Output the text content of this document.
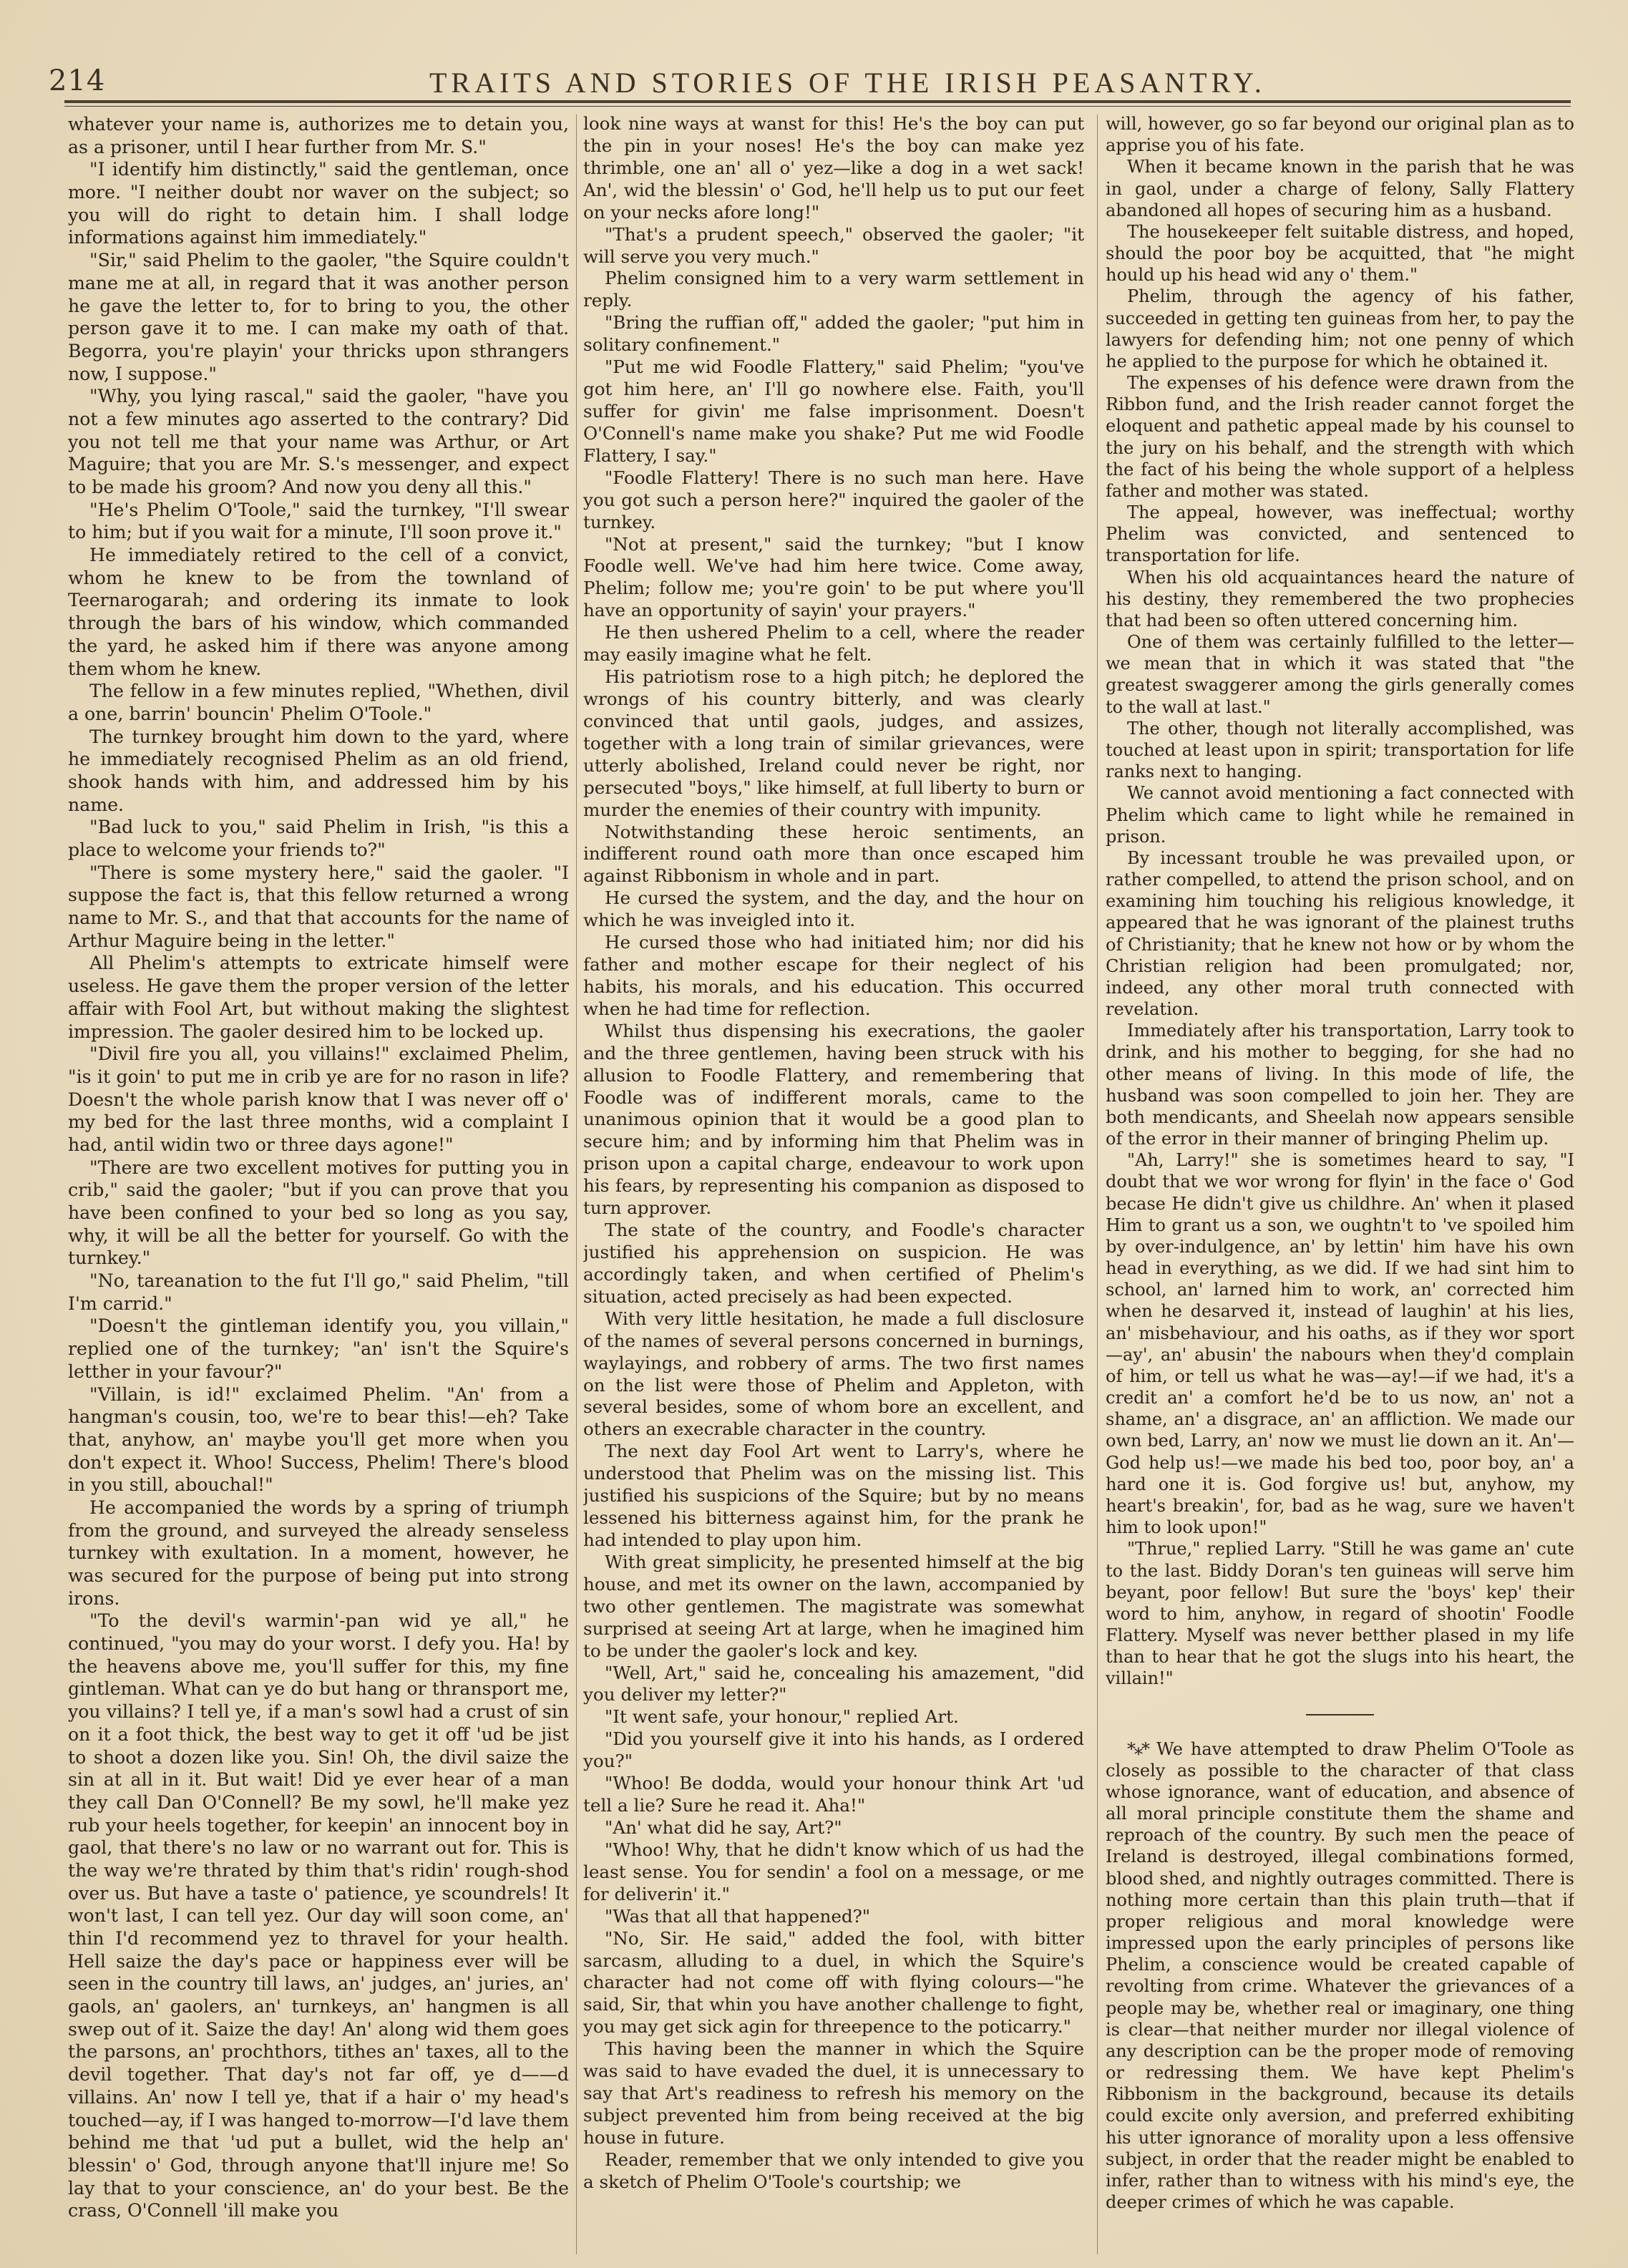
214	TRAITS AND STORIES OF THE IRISH PEASANTRY.

whatever your name is, authorizes me to detain you, as a prisoner, until I hear further from Mr. S."

"I identify him distinctly," said the gentleman, once more. "I neither doubt nor waver on the subject; so you will do right to detain him. I shall lodge informations against him immediately."

"Sir," said Phelim to the gaoler, "the Squire couldn't mane me at all, in regard that it was another person he gave the letter to, for to bring to you, the other person gave it to me. I can make my oath of that. Begorra, you're playin' your thricks upon sthrangers now, I suppose."

"Why, you lying rascal," said the gaoler, "have you not a few minutes ago asserted to the contrary? Did you not tell me that your name was Arthur, or Art Maguire; that you are Mr. S.'s messenger, and expect to be made his groom? And now you deny all this."

"He's Phelim O'Toole," said the turnkey, "I'll swear to him; but if you wait for a minute, I'll soon prove it."

He immediately retired to the cell of a convict, whom he knew to be from the townland of Teernarogarah; and ordering its inmate to look through the bars of his window, which commanded the yard, he asked him if there was anyone among them whom he knew.

The fellow in a few minutes replied, "Whethen, divil a one, barrin' bouncin' Phelim O'Toole."

The turnkey brought him down to the yard, where he immediately recognised Phelim as an old friend, shook hands with him, and addressed him by his name.

"Bad luck to you," said Phelim in Irish, "is this a place to welcome your friends to?"

"There is some mystery here," said the gaoler. "I suppose the fact is, that this fellow returned a wrong name to Mr. S., and that that accounts for the name of Arthur Maguire being in the letter."

All Phelim's attempts to extricate himself were useless. He gave them the proper version of the letter affair with Fool Art, but without making the slightest impression. The gaoler desired him to be locked up.

"Divil fire you all, you villains!" exclaimed Phelim, "is it goin' to put me in crib ye are for no rason in life? Doesn't the whole parish know that I was never off o' my bed for the last three months, wid a complaint I had, antil widin two or three days agone!"

"There are two excellent motives for putting you in crib," said the gaoler; "but if you can prove that you have been confined to your bed so long as you say, why, it will be all the better for yourself. Go with the turnkey."

"No, tareanation to the fut I'll go," said Phelim, "till I'm carrid."

"Doesn't the gintleman identify you, you villain," replied one of the turnkey; "an' isn't the Squire's letther in your favour?"

"Villain, is id!" exclaimed Phelim. "An' from a hangman's cousin, too, we're to bear this!—eh? Take that, anyhow, an' maybe you'll get more when you don't expect it. Whoo! Success, Phelim! There's blood in you still, abouchal!"

He accompanied the words by a spring of triumph from the ground, and surveyed the already senseless turnkey with exultation. In a moment, however, he was secured for the purpose of being put into strong irons.

"To the devil's warmin'-pan wid ye all," he continued, "you may do your worst. I defy you. Ha! by the heavens above me, you'll suffer for this, my fine gintleman. What can ye do but hang or thransport me, you villains? I tell ye, if a man's sowl had a crust of sin on it a foot thick, the best way to get it off 'ud be jist to shoot a dozen like you. Sin! Oh, the divil saize the sin at all in it. But wait! Did ye ever hear of a man they call Dan O'Connell? Be my sowl, he'll make yez rub your heels together, for keepin' an innocent boy in gaol, that there's no law or no warrant out for. This is the way we're thrated by thim that's ridin' rough-shod over us. But have a taste o' patience, ye scoundrels! It won't last, I can tell yez. Our day will soon come, an' thin I'd recommend yez to thravel for your health. Hell saize the day's pace or happiness ever will be seen in the country till laws, an' judges, an' juries, an' gaols, an' gaolers, an' turnkeys, an' hangmen is all swep out of it. Saize the day! An' along wid them goes the parsons, an' prochthors, tithes an' taxes, all to the devil together. That day's not far off, ye d——d villains. An' now I tell ye, that if a hair o' my head's touched—ay, if I was hanged to-morrow—I'd lave them behind me that 'ud put a bullet, wid the help an' blessin' o' God, through anyone that'll injure me! So lay that to your conscience, an' do your best. Be the crass, O'Connell 'ill make you

look nine ways at wanst for this! He's the boy can put the pin in your noses! He's the boy can make yez thrimble, one an' all o' yez—like a dog in a wet sack! An', wid the blessin' o' God, he'll help us to put our feet on your necks afore long!"

"That's a prudent speech," observed the gaoler; "it will serve you very much."

Phelim consigned him to a very warm settlement in reply.

"Bring the ruffian off," added the gaoler; "put him in solitary confinement."

"Put me wid Foodle Flattery," said Phelim; "you've got him here, an' I'll go nowhere else. Faith, you'll suffer for givin' me false imprisonment. Doesn't O'Connell's name make you shake? Put me wid Foodle Flattery, I say."

"Foodle Flattery! There is no such man here. Have you got such a person here?" inquired the gaoler of the turnkey.

"Not at present," said the turnkey; "but I know Foodle well. We've had him here twice. Come away, Phelim; follow me; you're goin' to be put where you'll have an opportunity of sayin' your prayers."

He then ushered Phelim to a cell, where the reader may easily imagine what he felt.

His patriotism rose to a high pitch; he deplored the wrongs of his country bitterly, and was clearly convinced that until gaols, judges, and assizes, together with a long train of similar grievances, were utterly abolished, Ireland could never be right, nor persecuted "boys," like himself, at full liberty to burn or murder the enemies of their country with impunity.

Notwithstanding these heroic sentiments, an indifferent round oath more than once escaped him against Ribbonism in whole and in part.

He cursed the system, and the day, and the hour on which he was inveigled into it.

He cursed those who had initiated him; nor did his father and mother escape for their neglect of his habits, his morals, and his education. This occurred when he had time for reflection.

Whilst thus dispensing his execrations, the gaoler and the three gentlemen, having been struck with his allusion to Foodle Flattery, and remembering that Foodle was of indifferent morals, came to the unanimous opinion that it would be a good plan to secure him; and by informing him that Phelim was in prison upon a capital charge, endeavour to work upon his fears, by representing his companion as disposed to turn approver.

The state of the country, and Foodle's character justified his apprehension on suspicion. He was accordingly taken, and when certified of Phelim's situation, acted precisely as had been expected.

With very little hesitation, he made a full disclosure of the names of several persons concerned in burnings, waylayings, and robbery of arms. The two first names on the list were those of Phelim and Appleton, with several besides, some of whom bore an excellent, and others an execrable character in the country.

The next day Fool Art went to Larry's, where he understood that Phelim was on the missing list. This justified his suspicions of the Squire; but by no means lessened his bitterness against him, for the prank he had intended to play upon him.

With great simplicity, he presented himself at the big house, and met its owner on the lawn, accompanied by two other gentlemen. The magistrate was somewhat surprised at seeing Art at large, when he imagined him to be under the gaoler's lock and key.

"Well, Art," said he, concealing his amazement, "did you deliver my letter?"

"It went safe, your honour," replied Art.

"Did you yourself give it into his hands, as I ordered you?"

"Whoo! Be dodda, would your honour think Art 'ud tell a lie? Sure he read it. Aha!"

"An' what did he say, Art?"

"Whoo! Why, that he didn't know which of us had the least sense. You for sendin' a fool on a message, or me for deliverin' it."

"Was that all that happened?"

"No, Sir. He said," added the fool, with bitter sarcasm, alluding to a duel, in which the Squire's character had not come off with flying colours—"he said, Sir, that whin you have another challenge to fight, you may get sick agin for threepence to the poticarry."

This having been the manner in which the Squire was said to have evaded the duel, it is unnecessary to say that Art's readiness to refresh his memory on the subject prevented him from being received at the big house in future.

Reader, remember that we only intended to give you a sketch of Phelim O'Toole's courtship; we

will, however, go so far beyond our original plan as to apprise you of his fate.

When it became known in the parish that he was in gaol, under a charge of felony, Sally Flattery abandoned all hopes of securing him as a husband.

The housekeeper felt suitable distress, and hoped, should the poor boy be acquitted, that "he might hould up his head wid any o' them."

Phelim, through the agency of his father, succeeded in getting ten guineas from her, to pay the lawyers for defending him; not one penny of which he applied to the purpose for which he obtained it.

The expenses of his defence were drawn from the Ribbon fund, and the Irish reader cannot forget the eloquent and pathetic appeal made by his counsel to the jury on his behalf, and the strength with which the fact of his being the whole support of a helpless father and mother was stated.

The appeal, however, was ineffectual; worthy Phelim was convicted, and sentenced to transportation for life.

When his old acquaintances heard the nature of his destiny, they remembered the two prophecies that had been so often uttered concerning him.

One of them was certainly fulfilled to the letter—we mean that in which it was stated that "the greatest swaggerer among the girls generally comes to the wall at last."

The other, though not literally accomplished, was touched at least upon in spirit; transportation for life ranks next to hanging.

We cannot avoid mentioning a fact connected with Phelim which came to light while he remained in prison.

By incessant trouble he was prevailed upon, or rather compelled, to attend the prison school, and on examining him touching his religious knowledge, it appeared that he was ignorant of the plainest truths of Christianity; that he knew not how or by whom the Christian religion had been promulgated; nor, indeed, any other moral truth connected with revelation.

Immediately after his transportation, Larry took to drink, and his mother to begging, for she had no other means of living. In this mode of life, the husband was soon compelled to join her. They are both mendicants, and Sheelah now appears sensible of the error in their manner of bringing Phelim up.

"Ah, Larry!" she is sometimes heard to say, "I doubt that we wor wrong for flyin' in the face o' God becase He didn't give us childhre. An' when it plased Him to grant us a son, we oughtn't to 've spoiled him by over-indulgence, an' by lettin' him have his own head in everything, as we did. If we had sint him to school, an' larned him to work, an' corrected him when he desarved it, instead of laughin' at his lies, an' misbehaviour, and his oaths, as if they wor sport—ay', an' abusin' the nabours when they'd complain of him, or tell us what he was—ay!—if we had, it's a credit an' a comfort he'd be to us now, an' not a shame, an' a disgrace, an' an affliction. We made our own bed, Larry, an' now we must lie down an it. An'—God help us!—we made his bed too, poor boy, an' a hard one it is. God forgive us! but, anyhow, my heart's breakin', for, bad as he wag, sure we haven't him to look upon!"

"Thrue," replied Larry. "Still he was game an' cute to the last. Biddy Doran's ten guineas will serve him beyant, poor fellow! But sure the 'boys' kep' their word to him, anyhow, in regard of shootin' Foodle Flattery. Myself was never betther plased in my life than to hear that he got the slugs into his heart, the villain!"

*⁎* We have attempted to draw Phelim O'Toole as closely as possible to the character of that class whose ignorance, want of education, and absence of all moral principle constitute them the shame and reproach of the country. By such men the peace of Ireland is destroyed, illegal combinations formed, blood shed, and nightly outrages committed. There is nothing more certain than this plain truth—that if proper religious and moral knowledge were impressed upon the early principles of persons like Phelim, a conscience would be created capable of revolting from crime. Whatever the grievances of a people may be, whether real or imaginary, one thing is clear—that neither murder nor illegal violence of any description can be the proper mode of removing or redressing them. We have kept Phelim's Ribbonism in the background, because its details could excite only aversion, and preferred exhibiting his utter ignorance of morality upon a less offensive subject, in order that the reader might be enabled to infer, rather than to witness with his mind's eye, the deeper crimes of which he was capable.
